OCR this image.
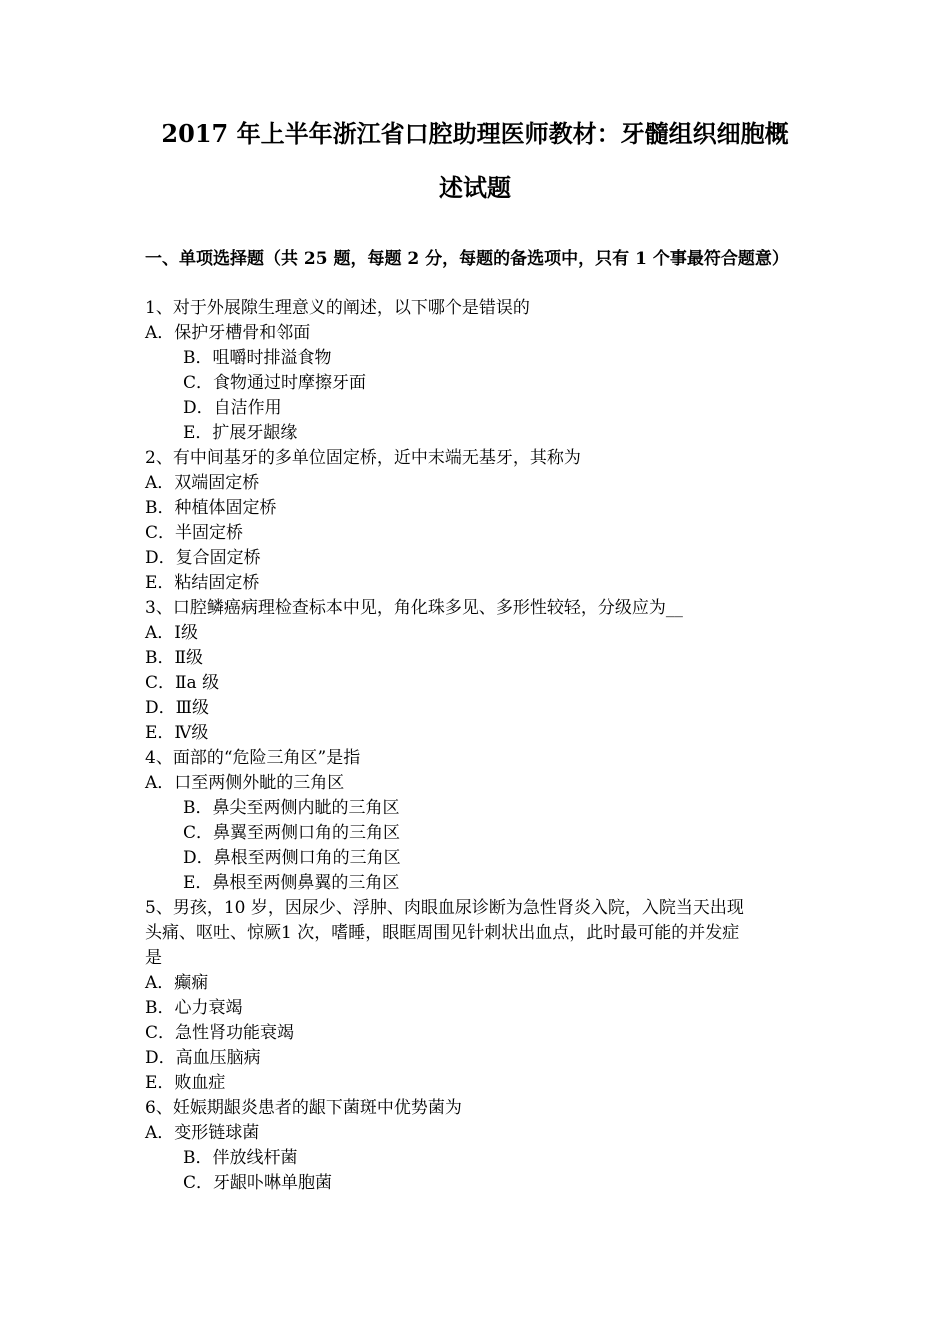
2017 年上半年浙江省口腔助理医师教材：牙髓组织细胞概
述试题
一、单项选择题（共 25 题，每题 2 分，每题的备选项中，只有 1 个事最符合题意）
1、对于外展隙生理意义的阐述，以下哪个是错误的
A．保护牙槽骨和邻面
B．咀嚼时排溢食物
C．食物通过时摩擦牙面
D．自洁作用
E．扩展牙龈缘
2、有中间基牙的多单位固定桥，近中末端无基牙，其称为
A．双端固定桥
B．种植体固定桥
C．半固定桥
D．复合固定桥
E．粘结固定桥
3、口腔鳞癌病理检查标本中见，角化珠多见、多形性较轻，分级应为__
A．Ⅰ级
B．Ⅱ级
C．Ⅱa 级
D．Ⅲ级
E．Ⅳ级
4、面部的“危险三角区”是指
A．口至两侧外眦的三角区
B．鼻尖至两侧内眦的三角区
C．鼻翼至两侧口角的三角区
D．鼻根至两侧口角的三角区
E．鼻根至两侧鼻翼的三角区
5、男孩，10 岁，因尿少、浮肿、肉眼血尿诊断为急性肾炎入院，入院当天出现
头痛、呕吐、惊厥1 次，嗜睡，眼眶周围见针刺状出血点，此时最可能的并发症
是
A．癫痫
B．心力衰竭
C．急性肾功能衰竭
D．高血压脑病
E．败血症
6、妊娠期龈炎患者的龈下菌斑中优势菌为
A．变形链球菌
B．伴放线杆菌
C．牙龈卟啉单胞菌
